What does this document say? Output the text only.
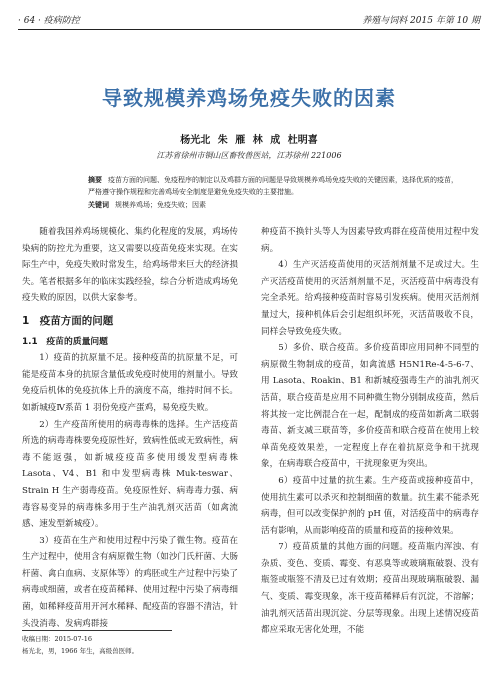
· 64 · 疫病防控	养殖与饲料 2015 年第 10 期
导致规模养鸡场免疫失败的因素
杨光北 朱 雁 林 成 杜明喜
江苏省徐州市铜山区畜牧兽医站，江苏徐州 221006
摘要 疫苗方面的问题、免疫程序的制定以及鸡群方面的问题是导致规模养鸡场免疫失败的关键因素，选择优质的疫苗，严格遵守操作规程和完善鸡场安全制度是避免免疫失败的主要措施。
关键词 规模养鸡场；免疫失败；因素

随着我国养鸡场规模化、集约化程度的发展，鸡场传染病的防控尤为重要，这又需要以疫苗免疫来实现。在实际生产中，免疫失败时常发生，给鸡场带来巨大的经济损失。笔者根据多年的临床实践经验，综合分析造成鸡场免疫失败的原因，以供大家参考。

1　疫苗方面的问题

1.1　疫苗的质量问题

1）疫苗的抗原量不足。接种疫苗的抗原量不足，可能是疫苗本身的抗原含量低或免疫时使用的剂量小。导致免疫后机体的免疫抗体上升的滴度不高，维持时间不长。如新城疫Ⅳ系苗 1 羽份免疫产蛋鸡，易免疫失败。

2）生产疫苗所使用的病毒毒株的选择。生产活疫苗所选的病毒毒株要免疫原性好，致病性低或无致病性，病毒不能返强，如新城疫疫苗多使用缓发型病毒株 Lasota、V4、B1 和中发型病毒株 Muk-teswar、Strain H 生产弱毒疫苗。免疫原性好、病毒毒力强、病毒容易变异的病毒株多用于生产油乳剂灭活苗（如禽流感、速发型新城疫）。

3）疫苗在生产和使用过程中污染了微生物。疫苗在生产过程中，使用含有病原微生物（如沙门氏杆菌、大肠杆菌、禽白血病、支原体等）的鸡胚或生产过程中污染了病毒或细菌，或者在疫苗稀释、使用过程中污染了病毒细菌，如稀释疫苗用开河水稀释、配疫苗的容器不清洁，针头没消毒、发病鸡群接

种疫苗不换针头等人为因素导致鸡群在疫苗使用过程中发病。

4）生产灭活疫苗使用的灭活剂剂量不足或过大。生产灭活疫苗使用的灭活剂剂量不足，灭活疫苗中病毒没有完全杀死。给鸡接种疫苗时容易引发疾病。使用灭活剂剂量过大，接种机体后会引起组织坏死，灭活苗吸收不良，同样会导致免疫失败。

5）多价、联合疫苗。多价疫苗即应用同种不同型的病原微生物制成的疫苗，如禽流感 H5N1Re-4-5-6-7、用 Lasota、Roakin、B1 和新城疫强毒生产的油乳剂灭活苗，联合疫苗是应用不同种微生物分别制成疫苗，然后将其按一定比例混合在一起，配制成的疫苗如新禽二联弱毒苗、新支减三联苗等，多价疫苗和联合疫苗在使用上较单苗免疫效果差，一定程度上存在着抗原竞争和干扰现象，在病毒联合疫苗中，干扰现象更为突出。

6）疫苗中过量的抗生素。生产疫苗或接种疫苗中，使用抗生素可以杀灭和控制细菌的数量。抗生素不能杀死病毒，但可以改变保护剂的 pH 值，对活疫苗中的病毒存活有影响，从而影响疫苗的质量和疫苗的接种效果。

7）疫苗质量的其他方面的问题。疫苗瓶内浑浊、有杂质、变色、变质、霉变、有恶臭等或玻璃瓶破裂、没有瓶签或瓶签不清及已过有效期；疫苗出现玻璃瓶破裂、漏气、变质、霉变现象，冻干疫苗稀释后有沉淀，不溶解；油乳剂灭活苗出现沉淀、分层等现象。出现上述情况疫苗都应采取无害化处理，不能

收稿日期：2015-07-16
杨光北，男，1966 年生，高级兽医师。
